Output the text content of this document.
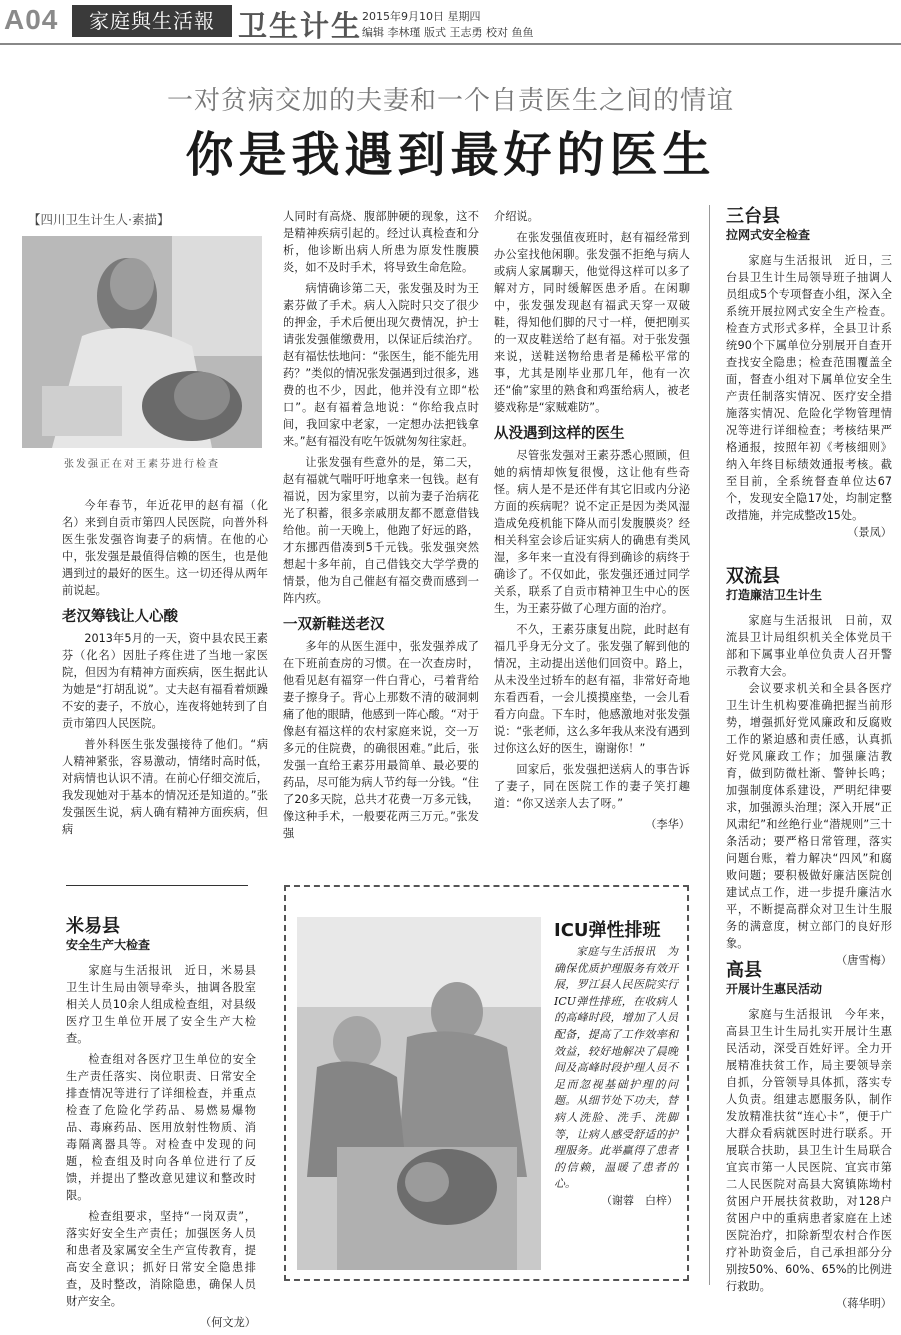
A04	家庭與生活報 卫生计生 2015年9月10日 星期四
编辑 李林瑾 版式 王志勇 校对 鱼鱼
一对贫病交加的夫妻和一个自责医生之间的情谊
你是我遇到最好的医生
【四川卫生计生人·素描】
张发强正在对王素芬进行检查

今年春节，年近花甲的赵有福（化名）来到自贡市第四人民医院，向普外科医生张发强咨询妻子的病情。在他的心中，张发强是最值得信赖的医生，也是他遇到过的最好的医生。这一切还得从两年前说起。

老汉筹钱让人心酸

2013年5月的一天，资中县农民王素芬（化名）因肚子疼住进了当地一家医院，但因为有精神方面疾病，医生据此认为她是“打胡乱说”。丈夫赵有福看着烦躁不安的妻子，不放心，连夜将她转到了自贡市第四人民医院。

普外科医生张发强接待了他们。“病人精神紧张，容易激动，情绪时高时低，对病情也认识不清。在前心仔细交流后，我发现她对于基本的情况还是知道的。”张发强医生说，病人确有精神方面疾病，但病

人同时有高烧、腹部肿硬的现象，这不是精神疾病引起的。经过认真检查和分析，他诊断出病人所患为原发性腹膜炎，如不及时手术，将导致生命危险。

病情确诊第二天，张发强及时为王素芬做了手术。病人入院时只交了很少的押金，手术后便出现欠费情况，护士请张发强催缴费用，以保证后续治疗。赵有福怯怯地问：“张医生，能不能先用药？”类似的情况张发强遇到过很多，逃费的也不少，因此，他并没有立即“松口”。赵有福着急地说：“你给我点时间，我回家中老家，一定想办法把钱拿来。”赵有福没有吃午饭就匆匆往家赶。

让张发强有些意外的是，第二天，赵有福就气喘吁吁地拿来一包钱。赵有福说，因为家里穷，以前为妻子治病花光了积蓄，很多亲戚朋友都不愿意借钱给他。前一天晚上，他跑了好远的路，才东挪西借凑到5千元钱。张发强突然想起十多年前，自己借钱交大学学费的情景，他为自己催赵有福交费而感到一阵内疚。

一双新鞋送老汉

多年的从医生涯中，张发强养成了在下班前查房的习惯。在一次查房时，他看见赵有福穿一件白背心，弓着背给妻子擦身子。背心上那数不清的破洞刺痛了他的眼睛，他感到一阵心酸。“对于像赵有福这样的农村家庭来说，交一万多元的住院费，的确很困难。”此后，张发强一直给王素芬用最简单、最必要的药品，尽可能为病人节约每一分钱。“住了20多天院，总共才花费一万多元钱，像这种手术，一般要花两三万元。”张发强

介绍说。

在张发强值夜班时，赵有福经常到办公室找他闲聊。张发强不拒绝与病人或病人家属聊天，他觉得这样可以多了解对方，同时缓解医患矛盾。在闲聊中，张发强发现赵有福武天穿一双破鞋，得知他们脚的尺寸一样，便把刚买的一双皮鞋送给了赵有福。对于张发强来说，送鞋送物给患者是稀松平常的事，尤其是刚毕业那几年，他有一次还“偷”家里的熟食和鸡蛋给病人，被老婆戏称是“家贼难防”。

从没遇到这样的医生

尽管张发强对王素芬悉心照顾，但她的病情却恢复很慢，这让他有些奇怪。病人是不是还伴有其它旧或内分泌方面的疾病呢？说不定正是因为类风湿造成免疫机能下降从而引发腹膜炎？经相关科室会诊后证实病人的确患有类风湿，多年来一直没有得到确诊的病终于确诊了。不仅如此，张发强还通过同学关系，联系了自贡市精神卫生中心的医生，为王素芬做了心理方面的治疗。

不久，王素芬康复出院，此时赵有福几乎身无分文了。张发强了解到他的情况，主动提出送他们回资中。路上，从未没坐过轿车的赵有福，非常好奇地东看西看，一会儿摸摸座垫，一会儿看看方向盘。下车时，他感激地对张发强说：“张老师，这么多年我从来没有遇到过你这么好的医生，谢谢你！”

回家后，张发强把送病人的事告诉了妻子，同在医院工作的妻子笑打趣道：“你又送亲人去了呀。”

（李华）

三台县
拉网式安全检查

家庭与生活报讯　近日，三台县卫生计生局领导班子抽调人员组成5个专项督查小组，深入全系统开展拉网式安全生产检查。检查方式形式多样，全县卫计系统90个下属单位分别展开自查开查找安全隐患；检查范围覆盖全面，督查小组对下属单位安全生产责任制落实情况、医疗安全措施落实情况、危险化学物管理情况等进行详细检查；考核结果严格通报，按照年初《考核细则》纳入年终目标绩效通报考核。截至目前，全系统督查单位达67个，发现安全隐17处，均制定整改措施，并完成整改15处。

（景凤）

双流县
打造廉洁卫生计生

家庭与生活报讯　日前，双流县卫计局组织机关全体党员干部和下属事业单位负责人召开警示教育大会。

会议要求机关和全县各医疗卫生计生机构要准确把握当前形势，增强抓好党风廉政和反腐败工作的紧迫感和责任感，认真抓好党风廉政工作；加强廉洁教育，做到防微杜渐、警钟长鸣；加强制度体系建设，严明纪律要求，加强源头治理；深入开展“正风肃纪”和丝绝行业“潜规则”三十条活动；要严格日常管理，落实问题台账，着力解决“四风”和腐败问题；要积极做好廉洁医院创建试点工作，进一步提升廉洁水平，不断提高群众对卫生计生服务的满意度，树立部门的良好形象。

（唐雪梅）

高县
开展计生惠民活动

家庭与生活报讯　今年来，高县卫生计生局扎实开展计生惠民活动，深受百姓好评。全力开展精准扶贫工作，局主要领导亲自抓，分管领导具体抓，落实专人负责。组建志愿服务队，制作发放精准扶贫“连心卡”，便于广大群众看病就医时进行联系。开展联合扶助，县卫生计生局联合宜宾市第一人民医院、宜宾市第二人民医院对高县大窝镇陈坳村贫困户开展扶贫救助，对128户贫困户中的重病患者家庭在上述医院治疗，扣除新型农村合作医疗补助资金后，自己承担部分分别按50%、60%、65%的比例进行救助。

（蒋华明）

米易县
安全生产大检查

家庭与生活报讯　近日，米易县卫生计生局由领导牵头，抽调各股室相关人员10余人组成检查组，对县级医疗卫生单位开展了安全生产大检查。

检查组对各医疗卫生单位的安全生产责任落实、岗位职责、日常安全排查情况等进行了详细检查，并重点检查了危险化学药品、易燃易爆物品、毒麻药品、医用放射性物质、消毒隔离器具等。对检查中发现的问题，检查组及时向各单位进行了反馈，并提出了整改意见建议和整改时限。

检查组要求，坚持“一岗双责”，落实好安全生产责任；加强医务人员和患者及家属安全生产宣传教育，提高安全意识；抓好日常安全隐患排查，及时整改，消除隐患，确保人员财产安全。

（何文龙）

ICU弹性排班

家庭与生活报讯　为确保优质护理服务有效开展，罗江县人民医院实行ICU弹性排班，在收病人的高峰时段，增加了人员配备，提高了工作效率和效益，较好地解决了晨晚间及高峰时段护理人员不足而忽视基础护理的问题。从细节处下功夫，替病人洗脸、洗手、洗脚等，让病人感受舒适的护理服务。此举赢得了患者的信赖，温暖了患者的心。

（谢蓉　白梓）
